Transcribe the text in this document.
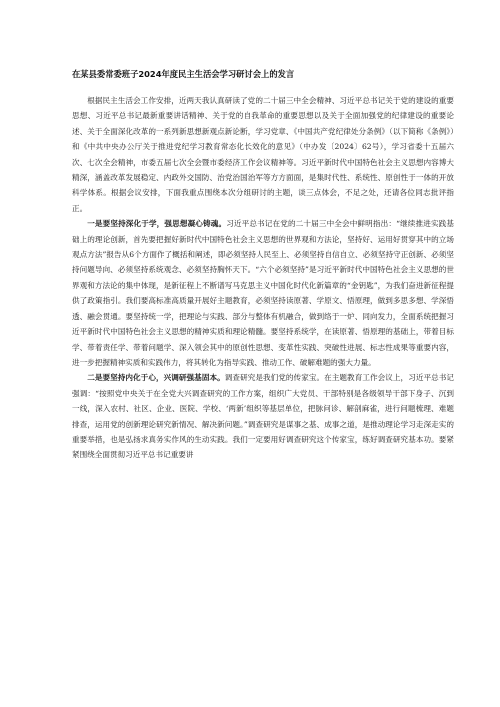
在某县委常委班子2024年度民主生活会学习研讨会上的发言

根据民主生活会工作安排，近两天我认真研读了党的二十届三中全会精神、习近平总书记关于党的建设的重要思想、习近平总书记最新重要讲话精神、关于党的自我革命的重要思想以及关于全面加强党的纪律建设的重要论述、关于全面深化改革的一系列新思想新观点新论断，学习党章、《中国共产党纪律处分条例》（以下简称《条例》）和《中共中央办公厅关于推进党纪学习教育常态化长效化的意见》（中办发〔2024〕62号），学习省委十五届六次、七次全会精神，市委五届七次全会暨市委经济工作会议精神等。习近平新时代中国特色社会主义思想内容博大精深，涵盖改革发展稳定、内政外交国防、治党治国治军等方方面面，是集时代性、系统性、原创性于一体的开放科学体系。根据会议安排，下面我重点围绕本次分组研讨的主题，谈三点体会，不足之处，还请各位同志批评指正。

一是要坚持深化于学，强思想凝心铸魂。习近平总书记在党的二十届三中全会中鲜明指出：“继续推进实践基础上的理论创新，首先要把握好新时代中国特色社会主义思想的世界观和方法论，坚持好、运用好贯穿其中的立场观点方法”报告从6个方面作了概括和阐述，即必须坚持人民至上、必须坚持自信自立、必须坚持守正创新、必须坚持问题导向、必须坚持系统观念、必须坚持胸怀天下。“六个必须坚持”是习近平新时代中国特色社会主义思想的世界观和方法论的集中体现，是新征程上不断谱写马克思主义中国化时代化新篇章的“金钥匙”，为我们奋进新征程提供了政策指引。我们要高标准高质量开展好主题教育，必须坚持读原著、学原文、悟原理，做到多思多想、学深悟透、融会贯通。要坚持统一学，把理论与实践、部分与整体有机融合，做到络于一炉、同向发力，全面系统把握习近平新时代中国特色社会主义思想的精神实质和理论精髓。要坚持系统学，在读原著、悟原理的基础上，带着目标学、带着责任学、带着问题学、深入领会其中的原创性思想、变革性实践、突破性进展、标志性成果等重要内容，进一步把握精神实质和实践伟力，将其转化为指导实践、推动工作、破解难题的强大力量。

二是要坚持内化于心，兴调研强基固本。调查研究是我们党的传家宝。在主题教育工作会议上，习近平总书记强调：“按照党中央关于在全党大兴调查研究的工作方案，组织广大党员、干部特别是各级领导干部下身子、沉到一线，深入农村、社区、企业、医院、学校、‘两新’组织等基层单位，把脉问诊、解剖麻雀，进行问题梳理、难题排查，运用党的创新理论研究新情况、解决新问题。”调查研究是谋事之基、成事之道，是推动理论学习走深走实的重要举措，也是弘扬求真务实作风的生动实践。我们一定要用好调查研究这个传家宝，练好调查研究基本功。要紧紧围绕全面贯彻习近平总书记重要讲
